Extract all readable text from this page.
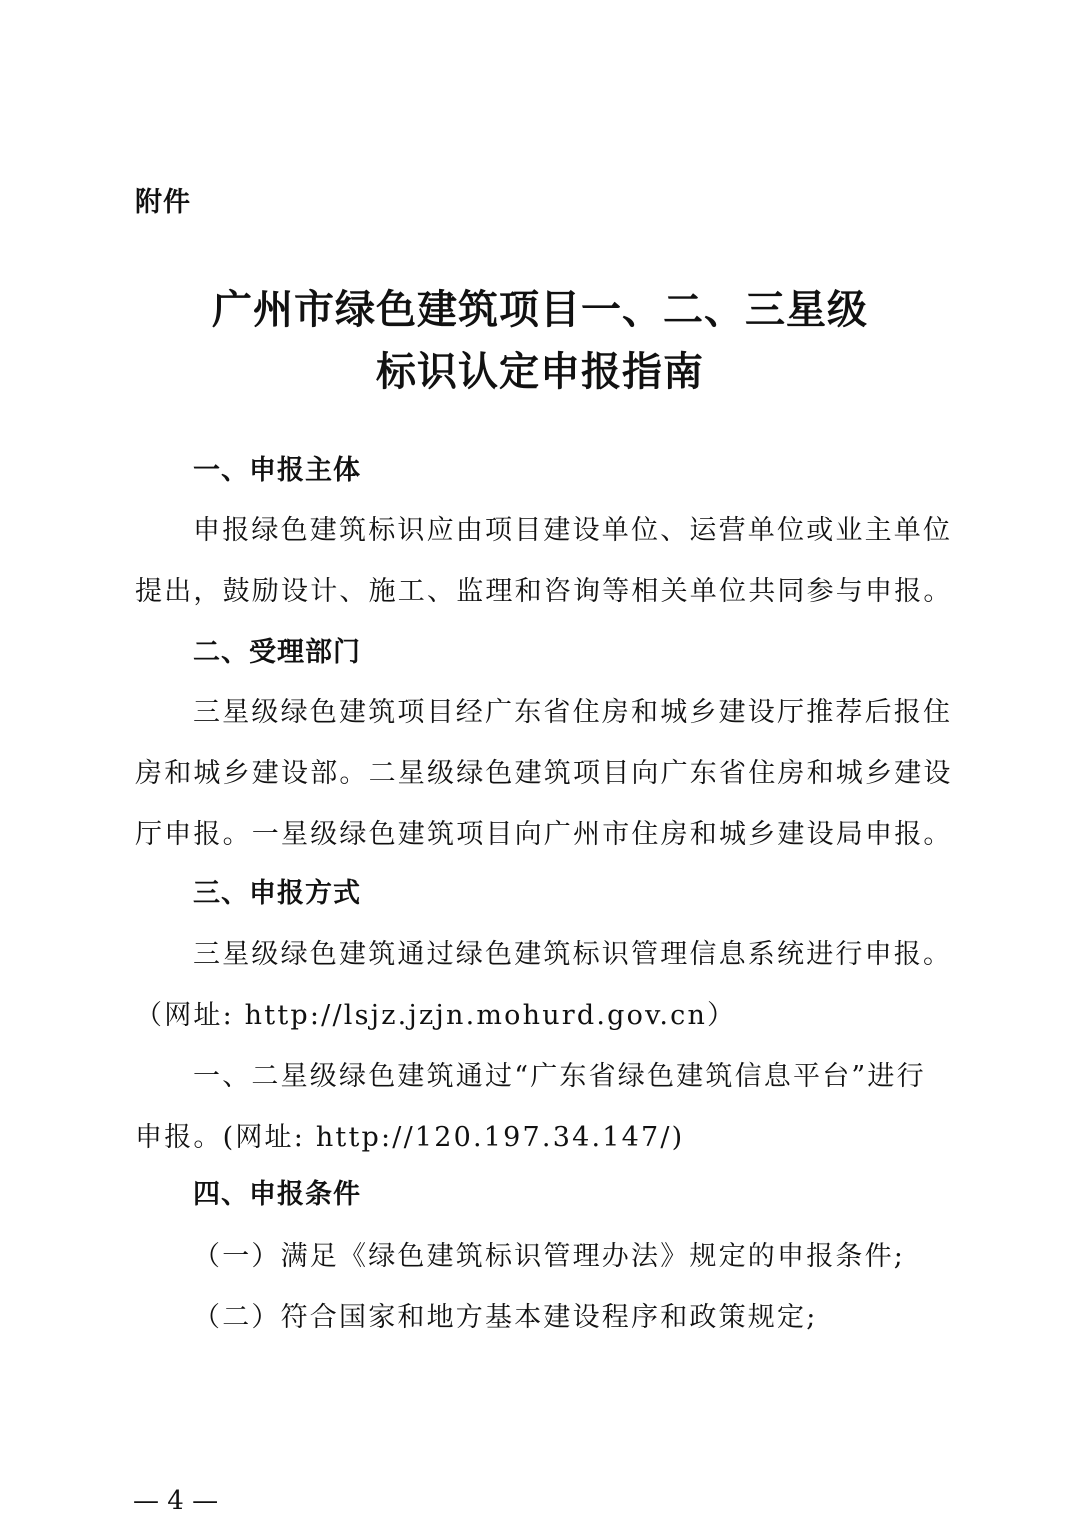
附件
广州市绿色建筑项目一、二、三星级
标识认定申报指南
一、申报主体
申报绿色建筑标识应由项目建设单位、运营单位或业主单位
提出，鼓励设计、施工、监理和咨询等相关单位共同参与申报。
二、受理部门
三星级绿色建筑项目经广东省住房和城乡建设厅推荐后报住
房和城乡建设部。二星级绿色建筑项目向广东省住房和城乡建设
厅申报。一星级绿色建筑项目向广州市住房和城乡建设局申报。
三、申报方式
三星级绿色建筑通过绿色建筑标识管理信息系统进行申报。
（网址: http://lsjz.jzjn.mohurd.gov.cn）
一、二星级绿色建筑通过“广东省绿色建筑信息平台”进行
申报。(网址: http://120.197.34.147/)
四、申报条件
（一）满足《绿色建筑标识管理办法》规定的申报条件;
（二）符合国家和地方基本建设程序和政策规定;
— 4 —
